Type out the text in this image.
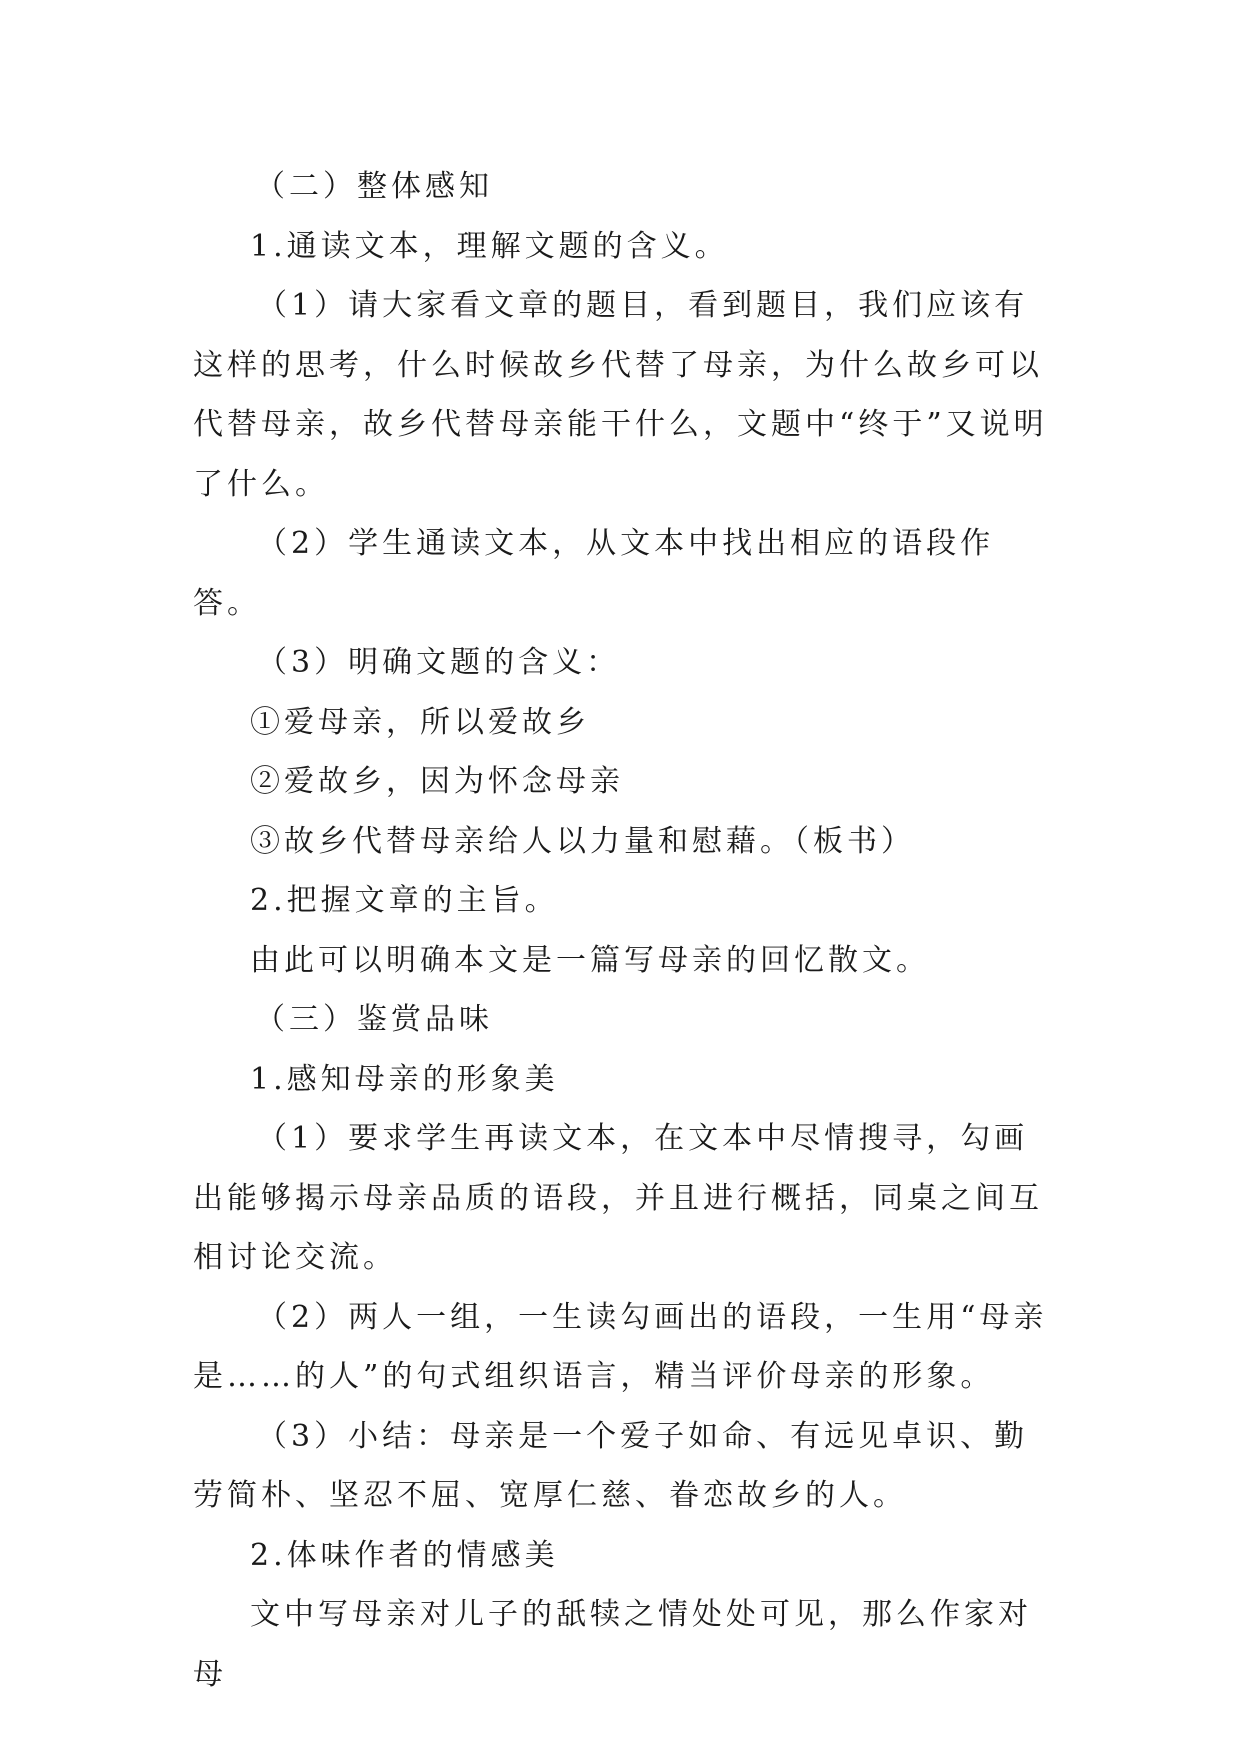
（二）整体感知

1.通读文本，理解文题的含义。

（1）请大家看文章的题目，看到题目，我们应该有这样的思考，什么时候故乡代替了母亲，为什么故乡可以代替母亲，故乡代替母亲能干什么，文题中“终于”又说明了什么。

（2）学生通读文本，从文本中找出相应的语段作答。

（3）明确文题的含义：

①爱母亲，所以爱故乡

②爱故乡，因为怀念母亲

③故乡代替母亲给人以力量和慰藉。（板书）

2.把握文章的主旨。

由此可以明确本文是一篇写母亲的回忆散文。

（三）鉴赏品味

1.感知母亲的形象美

（1）要求学生再读文本，在文本中尽情搜寻，勾画出能够揭示母亲品质的语段，并且进行概括，同桌之间互相讨论交流。

（2）两人一组，一生读勾画出的语段，一生用“母亲是……的人”的句式组织语言，精当评价母亲的形象。

（3）小结：母亲是一个爱子如命、有远见卓识、勤劳简朴、坚忍不屈、宽厚仁慈、眷恋故乡的人。

2.体味作者的情感美

文中写母亲对儿子的舐犊之情处处可见，那么作家对母
